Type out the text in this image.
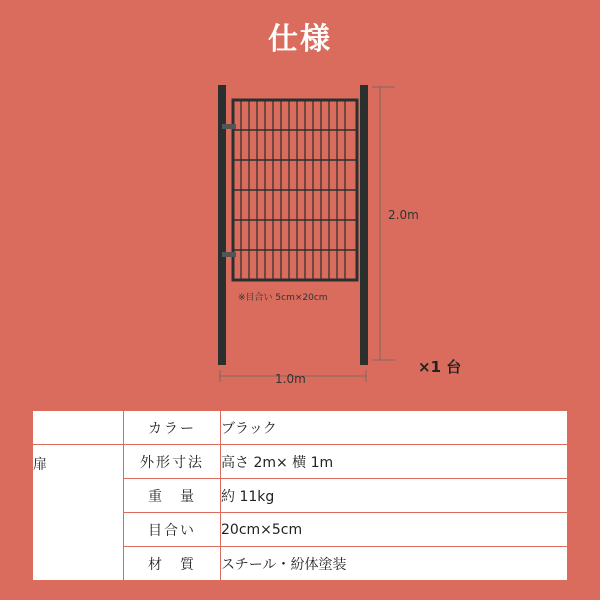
仕様
2.0m
1.0m
※目合い 5cm×20cm
×1 台
	カラー	ブラック
扉	外形寸法	高さ 2m× 横 1m
	重　量	約 11kg
	目合い	20cm×5cm
	材　質	スチール・紛体塗装
